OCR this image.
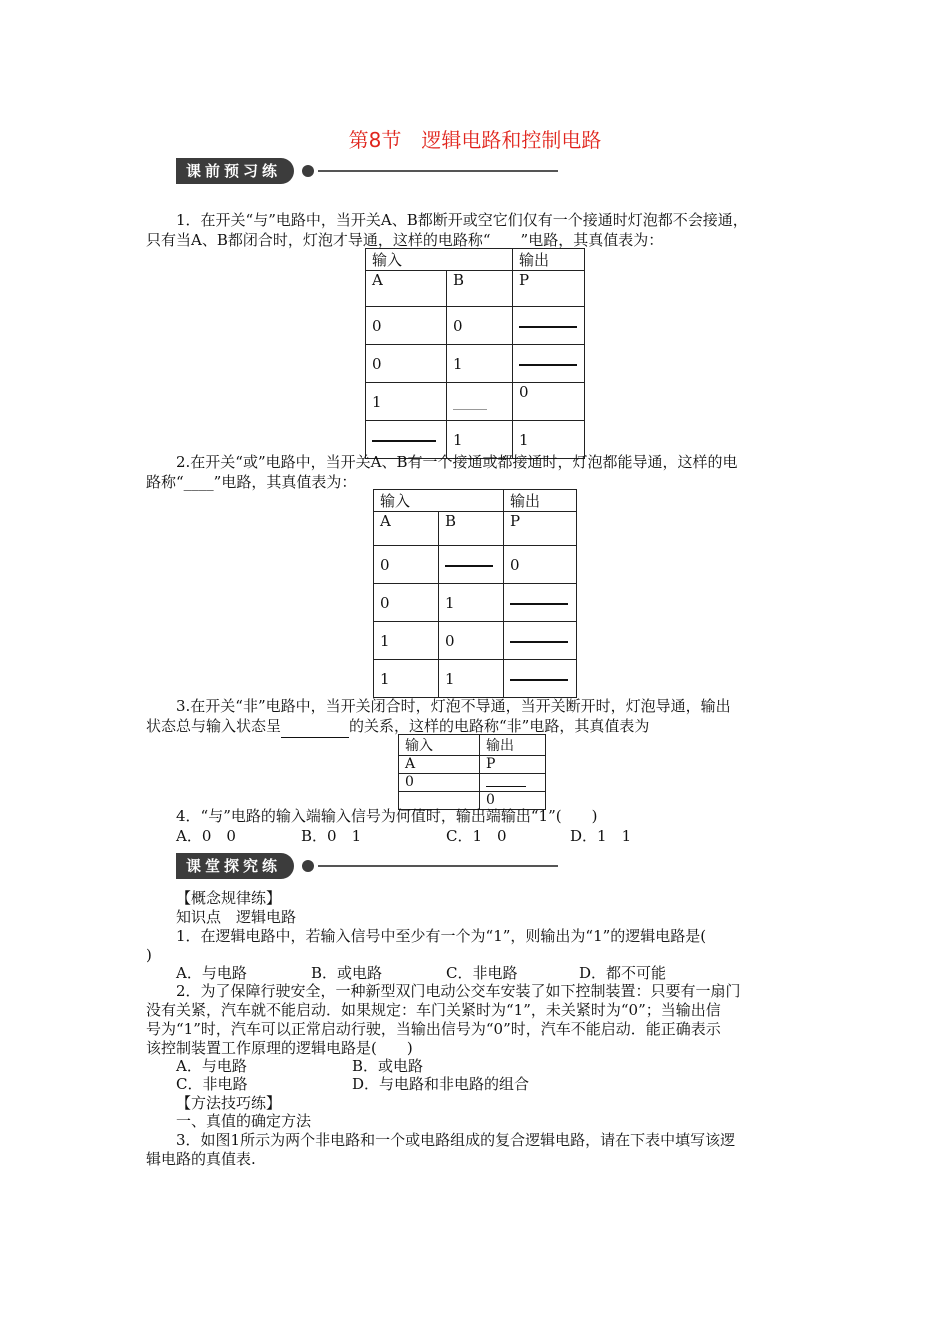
第8节　逻辑电路和控制电路
课前预习练
1．在开关“与”电路中，当开关A、B都断开或空它们仅有一个接通时灯泡都不会接通，
只有当A、B都闭合时，灯泡才导通，这样的电路称“____”电路，其真值表为：
输入		输出
A	B	P
0	0	
0	1	
1		0
	1	1
2.在开关“或”电路中，当开关A、B有一个接通或都接通时，灯泡都能导通，这样的电
路称“____”电路，其真值表为：
输入		输出
A	B	P
0		0
0	1	
1	0	
1	1	
3.在开关“非”电路中，当开关闭合时，灯泡不导通，当开关断开时，灯泡导通，输出
状态总与输入状态呈	的关系，这样的电路称“非”电路，其真值表为
输入	输出
A	P
0	
	0
4．“与”电路的输入端输入信号为何值时，输出端输出“1”(　　)
A．0　0	B．0　1	C．1　0	D．1　1
课堂探究练
【概念规律练】
知识点　逻辑电路
1．在逻辑电路中，若输入信号中至少有一个为“1”，则输出为“1”的逻辑电路是(
)
A．与电路	B．或电路	C．非电路	D．都不可能
2．为了保障行驶安全，一种新型双门电动公交车安装了如下控制装置：只要有一扇门
没有关紧，汽车就不能启动．如果规定：车门关紧时为“1”，未关紧时为“0”；当输出信
号为“1”时，汽车可以正常启动行驶，当输出信号为“0”时，汽车不能启动．能正确表示
该控制装置工作原理的逻辑电路是(　　)
A．与电路	B．或电路
C．非电路	D．与电路和非电路的组合
【方法技巧练】
一、真值的确定方法
3．如图1所示为两个非电路和一个或电路组成的复合逻辑电路，请在下表中填写该逻
辑电路的真值表.
